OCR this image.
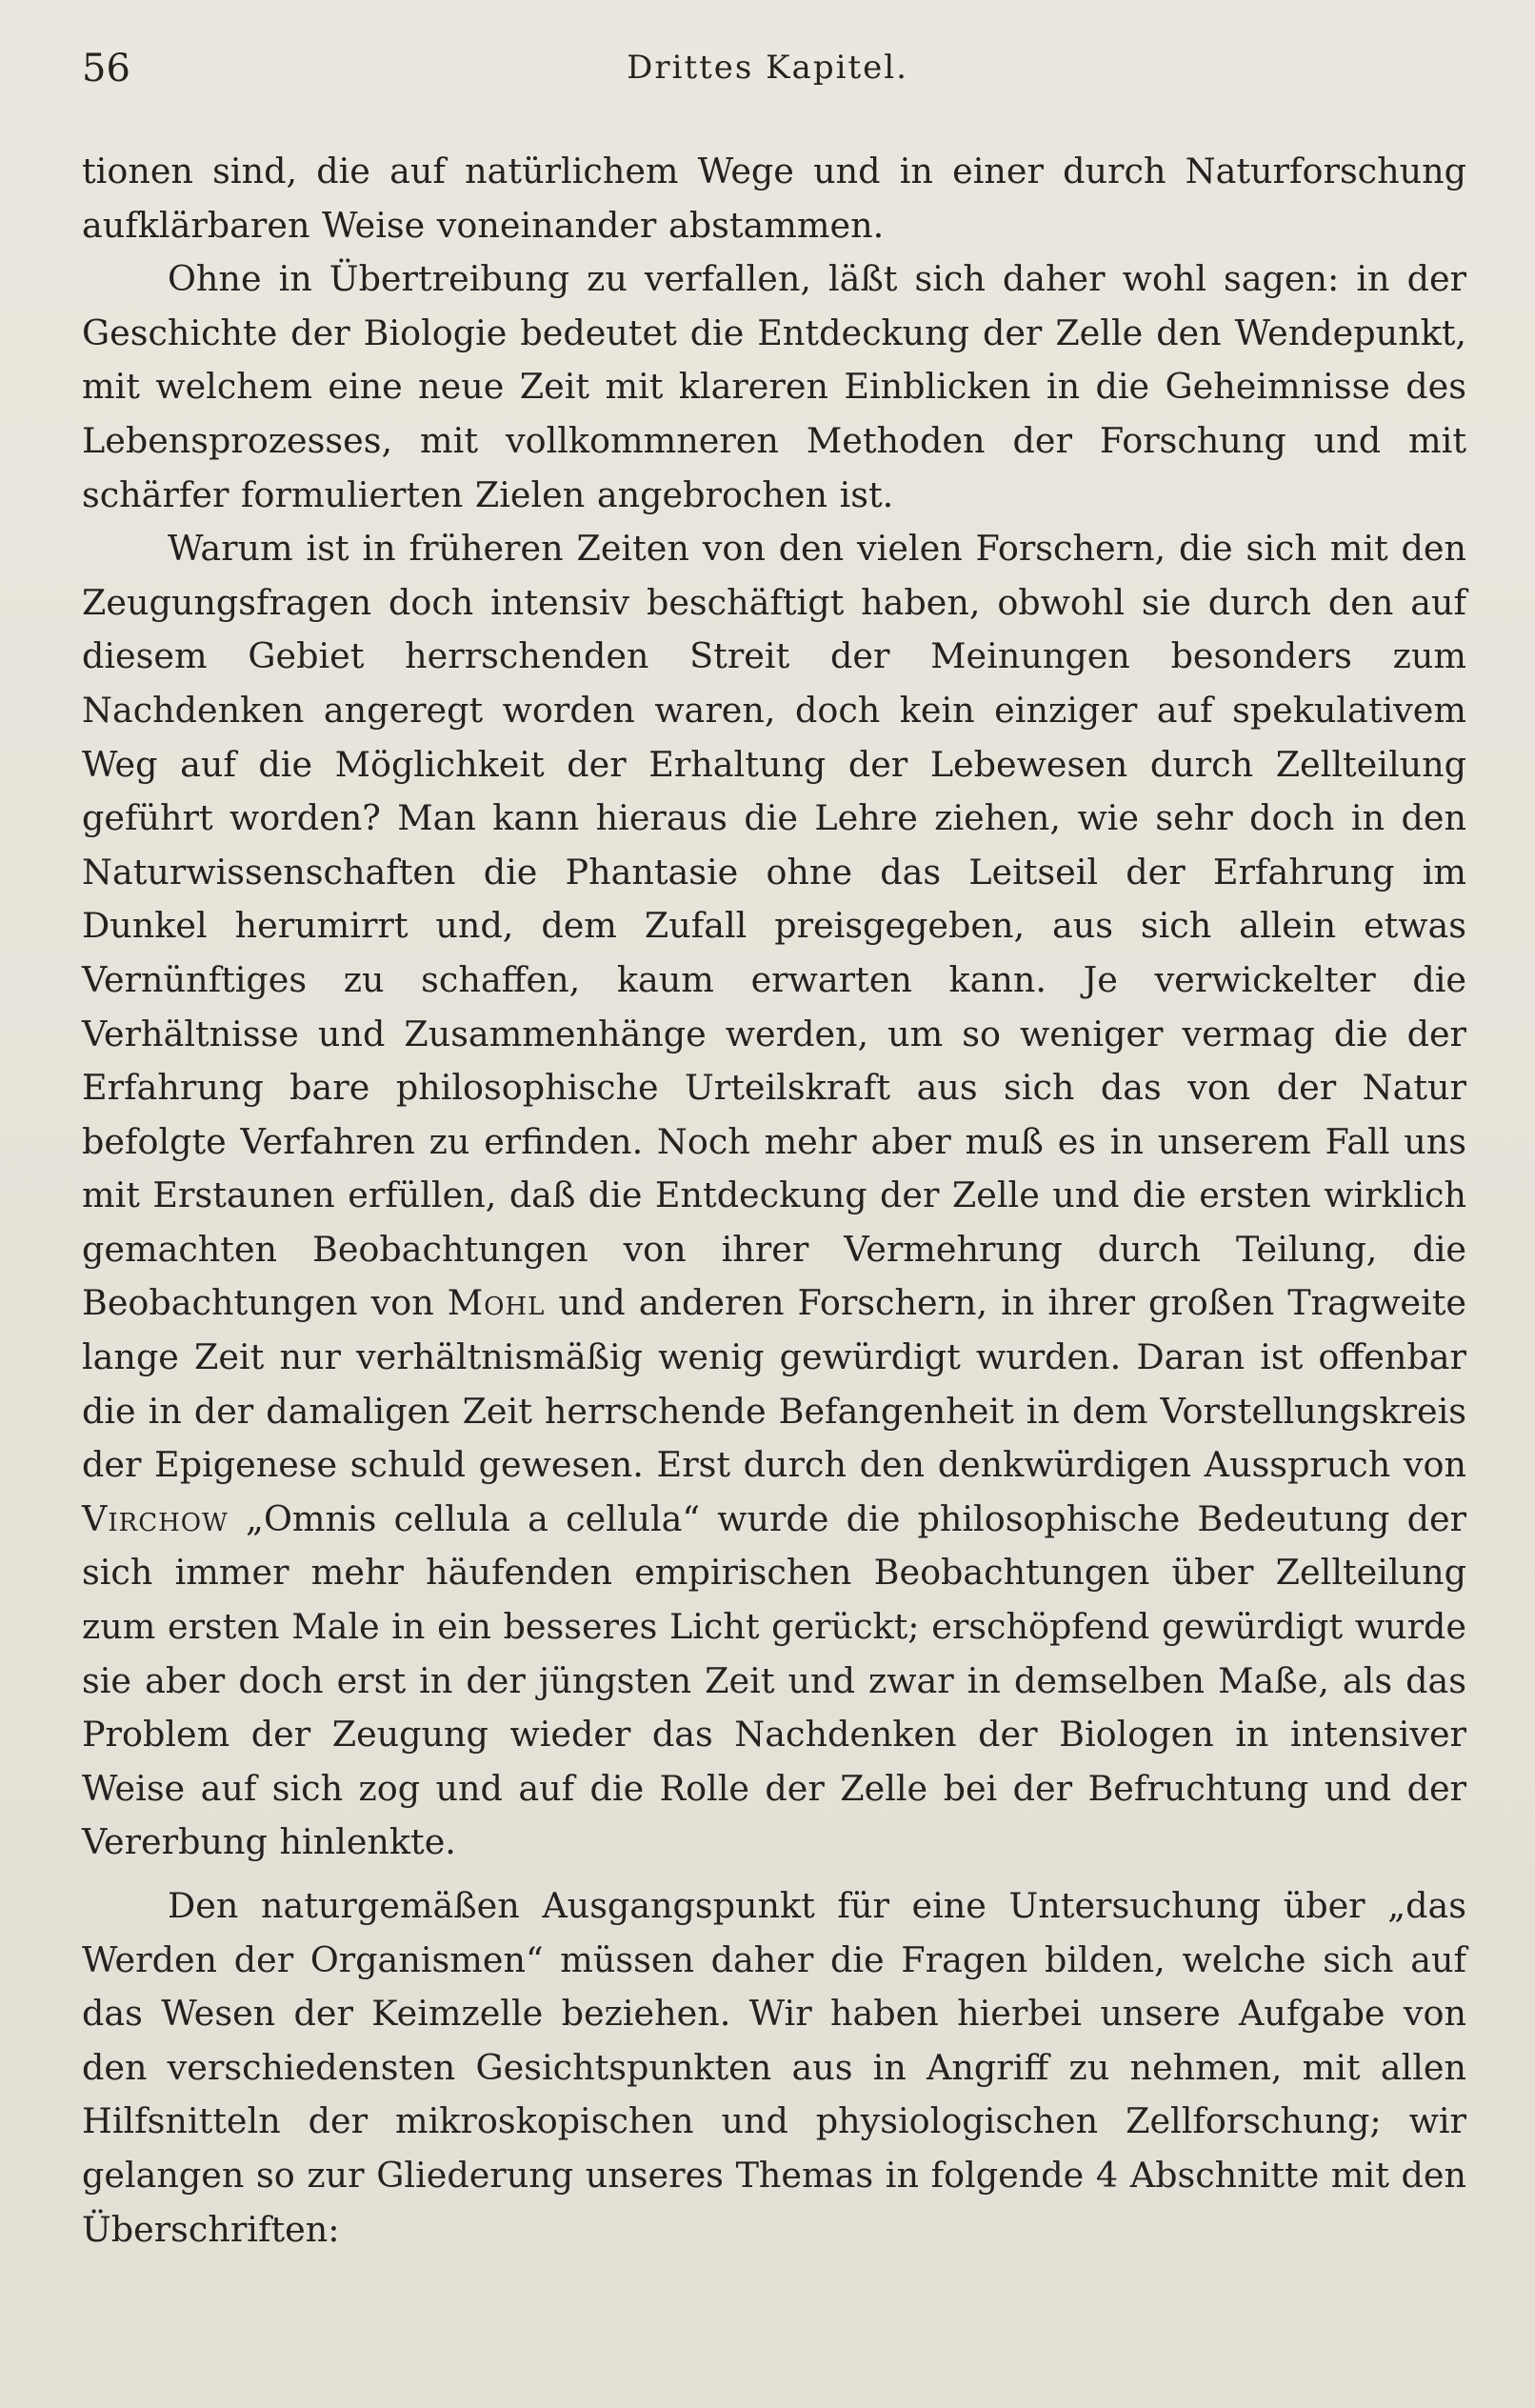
56	Drittes Kapitel.

tionen sind, die auf natürlichem Wege und in einer durch Naturforschung aufklärbaren Weise voneinander abstammen.

Ohne in Übertreibung zu verfallen, läßt sich daher wohl sagen: in der Geschichte der Biologie bedeutet die Entdeckung der Zelle den Wendepunkt, mit welchem eine neue Zeit mit klareren Einblicken in die Geheimnisse des Lebensprozesses, mit vollkommneren Methoden der Forschung und mit schärfer formulierten Zielen angebrochen ist.

Warum ist in früheren Zeiten von den vielen Forschern, die sich mit den Zeugungsfragen doch intensiv beschäftigt haben, obwohl sie durch den auf diesem Gebiet herrschenden Streit der Meinungen besonders zum Nachdenken angeregt worden waren, doch kein einziger auf spekulativem Weg auf die Möglichkeit der Erhaltung der Lebewesen durch Zellteilung geführt worden? Man kann hieraus die Lehre ziehen, wie sehr doch in den Naturwissenschaften die Phantasie ohne das Leitseil der Erfahrung im Dunkel herumirrt und, dem Zufall preisgegeben, aus sich allein etwas Vernünftiges zu schaffen, kaum erwarten kann. Je verwickelter die Verhältnisse und Zusammenhänge werden, um so weniger vermag die der Erfahrung bare philosophische Urteilskraft aus sich das von der Natur befolgte Verfahren zu erfinden. Noch mehr aber muß es in unserem Fall uns mit Erstaunen erfüllen, daß die Entdeckung der Zelle und die ersten wirklich gemachten Beobachtungen von ihrer Vermehrung durch Teilung, die Beobachtungen von Mohl und anderen Forschern, in ihrer großen Tragweite lange Zeit nur verhältnismäßig wenig gewürdigt wurden. Daran ist offenbar die in der damaligen Zeit herrschende Befangenheit in dem Vorstellungskreis der Epigenese schuld gewesen. Erst durch den denkwürdigen Ausspruch von Virchow „Omnis cellula a cellula“ wurde die philosophische Bedeutung der sich immer mehr häufenden empirischen Beobachtungen über Zellteilung zum ersten Male in ein besseres Licht gerückt; erschöpfend gewürdigt wurde sie aber doch erst in der jüngsten Zeit und zwar in demselben Maße, als das Problem der Zeugung wieder das Nachdenken der Biologen in intensiver Weise auf sich zog und auf die Rolle der Zelle bei der Befruchtung und der Vererbung hinlenkte.

Den naturgemäßen Ausgangspunkt für eine Untersuchung über „das Werden der Organismen“ müssen daher die Fragen bilden, welche sich auf das Wesen der Keimzelle beziehen. Wir haben hierbei unsere Aufgabe von den verschiedensten Gesichtspunkten aus in Angriff zu nehmen, mit allen Hilfsnitteln der mikroskopischen und physiologischen Zellforschung; wir gelangen so zur Gliederung unseres Themas in folgende 4 Abschnitte mit den Überschriften:
